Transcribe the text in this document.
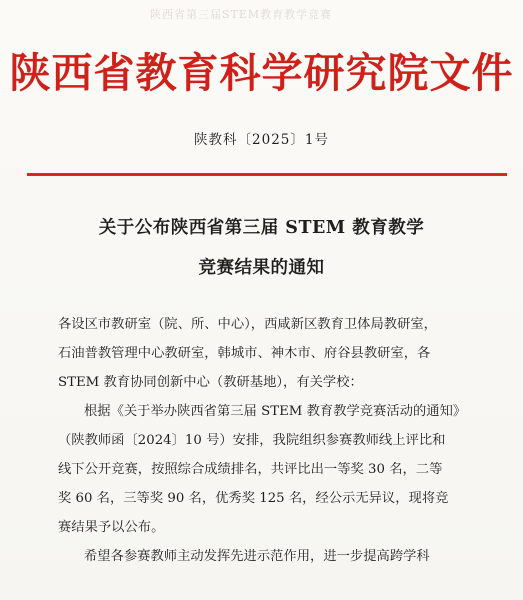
陕西省第三届STEM教育教学竞赛
陕西省教育科学研究院文件
陕教科〔2025〕1号
关于公布陕西省第三届 STEM 教育教学
竞赛结果的通知
各设区市教研室（院、所、中心），西咸新区教育卫体局教研室，
石油普教管理中心教研室，韩城市、神木市、府谷县教研室，各
STEM 教育协同创新中心（教研基地），有关学校：
根据《关于举办陕西省第三届 STEM 教育教学竞赛活动的通知》
（陕教师函〔2024〕10 号）安排，我院组织参赛教师线上评比和
线下公开竞赛，按照综合成绩排名，共评比出一等奖 30 名，二等
奖 60 名，三等奖 90 名，优秀奖 125 名，经公示无异议，现将竞
赛结果予以公布。
希望各参赛教师主动发挥先进示范作用，进一步提高跨学科
